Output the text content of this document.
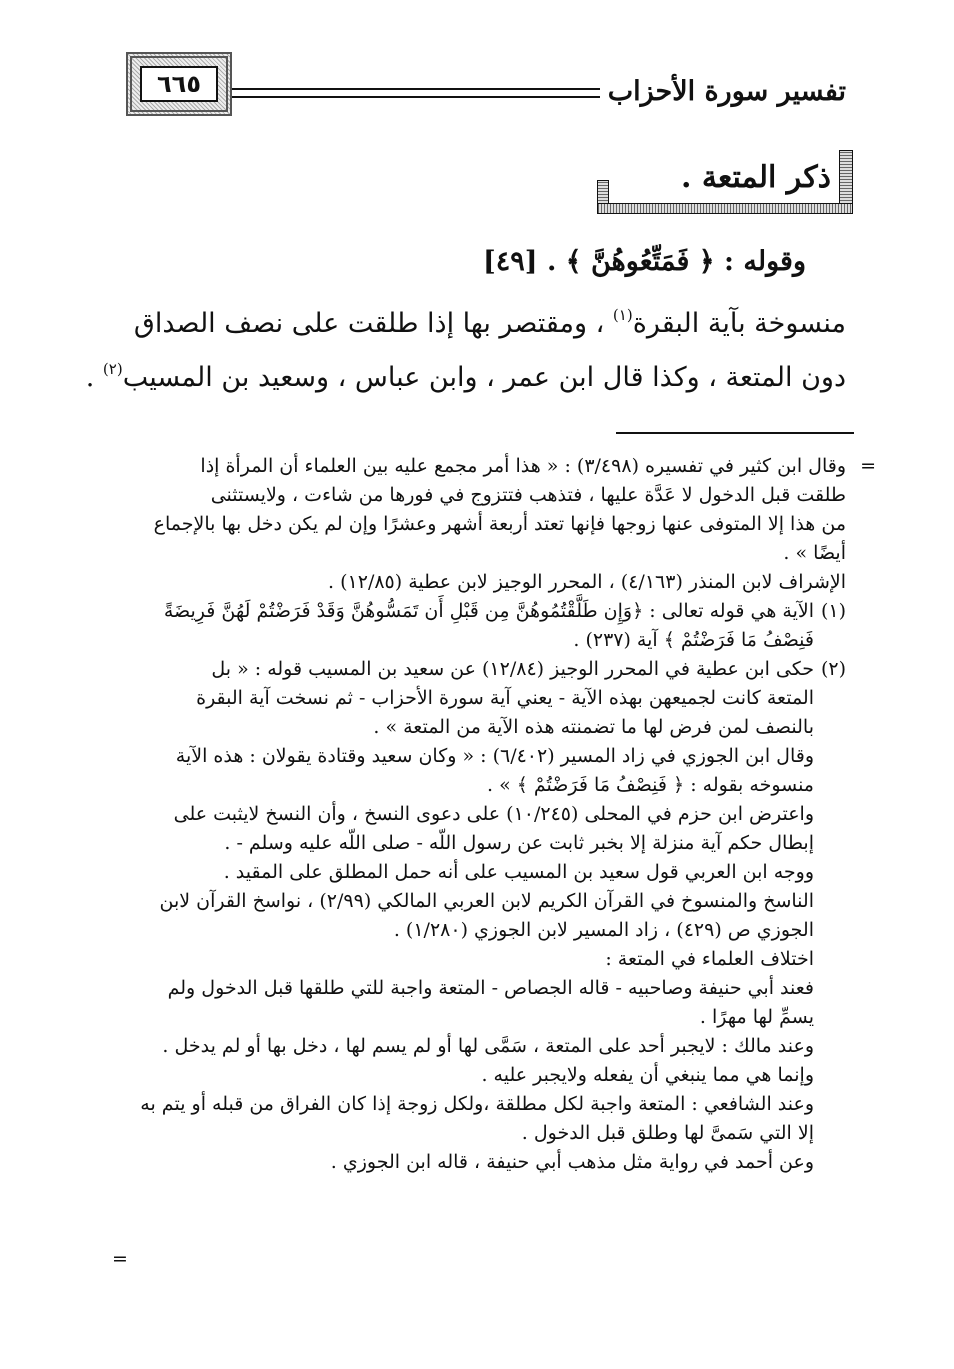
تفسير سورة الأحزاب
٦٦٥
ذكر المتعة .
وقوله : ﴿ فَمَتِّعُوهُنَّ ﴾ . [٤٩]
منسوخة بآية البقرة$^{(١)}$ ، ومقتصر بها إذا طلقت على نصف الصداق
دون المتعة ، وكذا قال ابن عمر ، وابن عباس ، وسعيد بن المسيب$^{(٢)}$ .
=
وقال ابن كثير في تفسيره (٣/٤٩٨) : « هذا أمر مجمع عليه بين العلماء أن المرأة إذا
طلقت قبل الدخول لا عَدَّة عليها ، فتذهب فتتزوج في فورها من شاءت ، ولايستثنى
من هذا إلا المتوفى عنها زوجها فإنها تعتد أربعة أشهر وعشرًا وإن لم يكن دخل بها بالإجماع
أيضًا » .
الإشراف لابن المنذر (٤/١٦٣) ، المحرر الوجيز لابن عطية (١٢/٨٥) .
(١)
الآية هي قوله تعالى : ﴿وَإِن طَلَّقْتُمُوهُنَّ مِن قَبْلِ أَن تَمَسُّوهُنَّ وَقَدْ فَرَضْتُمْ لَهُنَّ فَرِيضَةً
فَنِصْفُ مَا فَرَضْتُمْ ﴾ آية (٢٣٧) .
(٢)
حكى ابن عطية في المحرر الوجيز (١٢/٨٤) عن سعيد بن المسيب قوله : « بل
المتعة كانت لجميعهن بهذه الآية - يعني آية سورة الأحزاب - ثم نسخت آية البقرة
بالنصف لمن فرض لها ما تضمنته هذه الآية من المتعة » .
وقال ابن الجوزي في زاد المسير (٦/٤٠٢) : « وكان سعيد وقتادة يقولان : هذه الآية
منسوخه بقوله : ﴿ فَنِصْفُ مَا فَرَضْتُمْ ﴾ » .
واعترض ابن حزم في المحلى (١٠/٢٤٥) على دعوى النسخ ، وأن النسخ لايثبت على
إبطال حكم آية منزلة إلا بخبر ثابت عن رسول اللّه - صلى اللّه عليه وسلم - .
ووجه ابن العربي قول سعيد بن المسيب على أنه حمل المطلق على المقيد .
الناسخ والمنسوخ في القرآن الكريم لابن العربي المالكي (٢/٩٩) ، نواسخ القرآن لابن
الجوزي ص (٤٢٩) ، زاد المسير لابن الجوزي (١/٢٨٠) .
اختلاف العلماء في المتعة :
فعند أبي حنيفة وصاحبيه - قاله الجصاص - المتعة واجبة للتي طلقها قبل الدخول ولم
يسمِّ لها مهرًا .
وعند مالك : لايجبر أحد على المتعة ، سَمَّى لها أو لم يسم لها ، دخل بها أو لم يدخل .
وإنما هي مما ينبغي أن يفعله ولايجبر عليه .
وعند الشافعي : المتعة واجبة لكل مطلقة ،ولكل زوجة إذا كان الفراق من قبله أو يتم به
إلا التي سَمىَّ لها وطلق قبل الدخول .
وعن أحمد في رواية مثل مذهب أبي حنيفة ، قاله ابن الجوزي .
=
